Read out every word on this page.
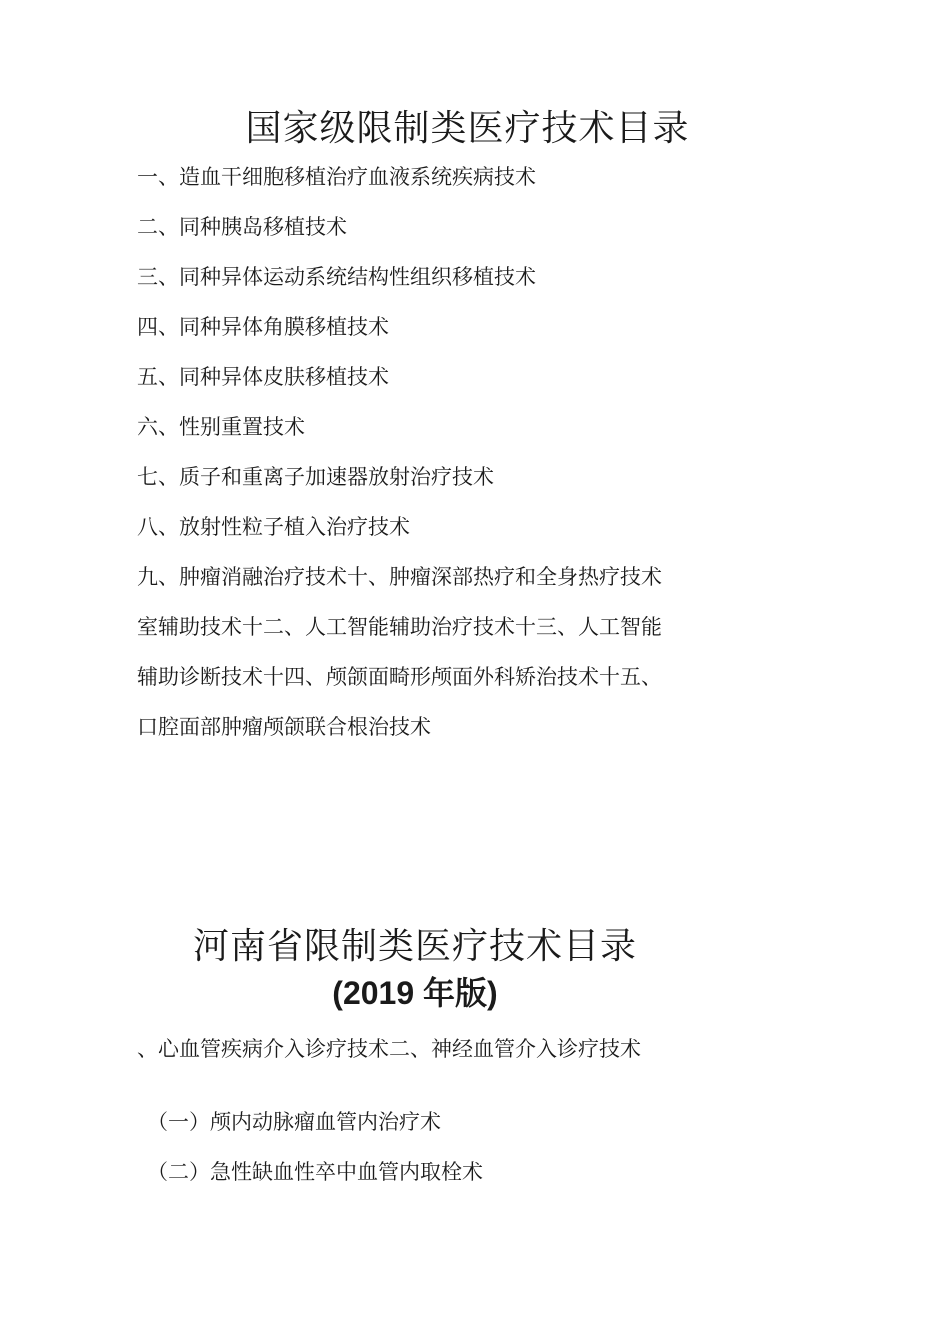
国家级限制类医疗技术目录
一、造血干细胞移植治疗血液系统疾病技术
二、同种胰岛移植技术
三、同种异体运动系统结构性组织移植技术
四、同种异体角膜移植技术
五、同种异体皮肤移植技术
六、性别重置技术
七、质子和重离子加速器放射治疗技术
八、放射性粒子植入治疗技术
九、肿瘤消融治疗技术十、肿瘤深部热疗和全身热疗技术
室辅助技术十二、人工智能辅助治疗技术十三、人工智能
辅助诊断技术十四、颅颌面畸形颅面外科矫治技术十五、
口腔面部肿瘤颅颌联合根治技术
河南省限制类医疗技术目录
(2019 年版)
、心血管疾病介入诊疗技术二、神经血管介入诊疗技术
（一）颅内动脉瘤血管内治疗术
（二）急性缺血性卒中血管内取栓术
